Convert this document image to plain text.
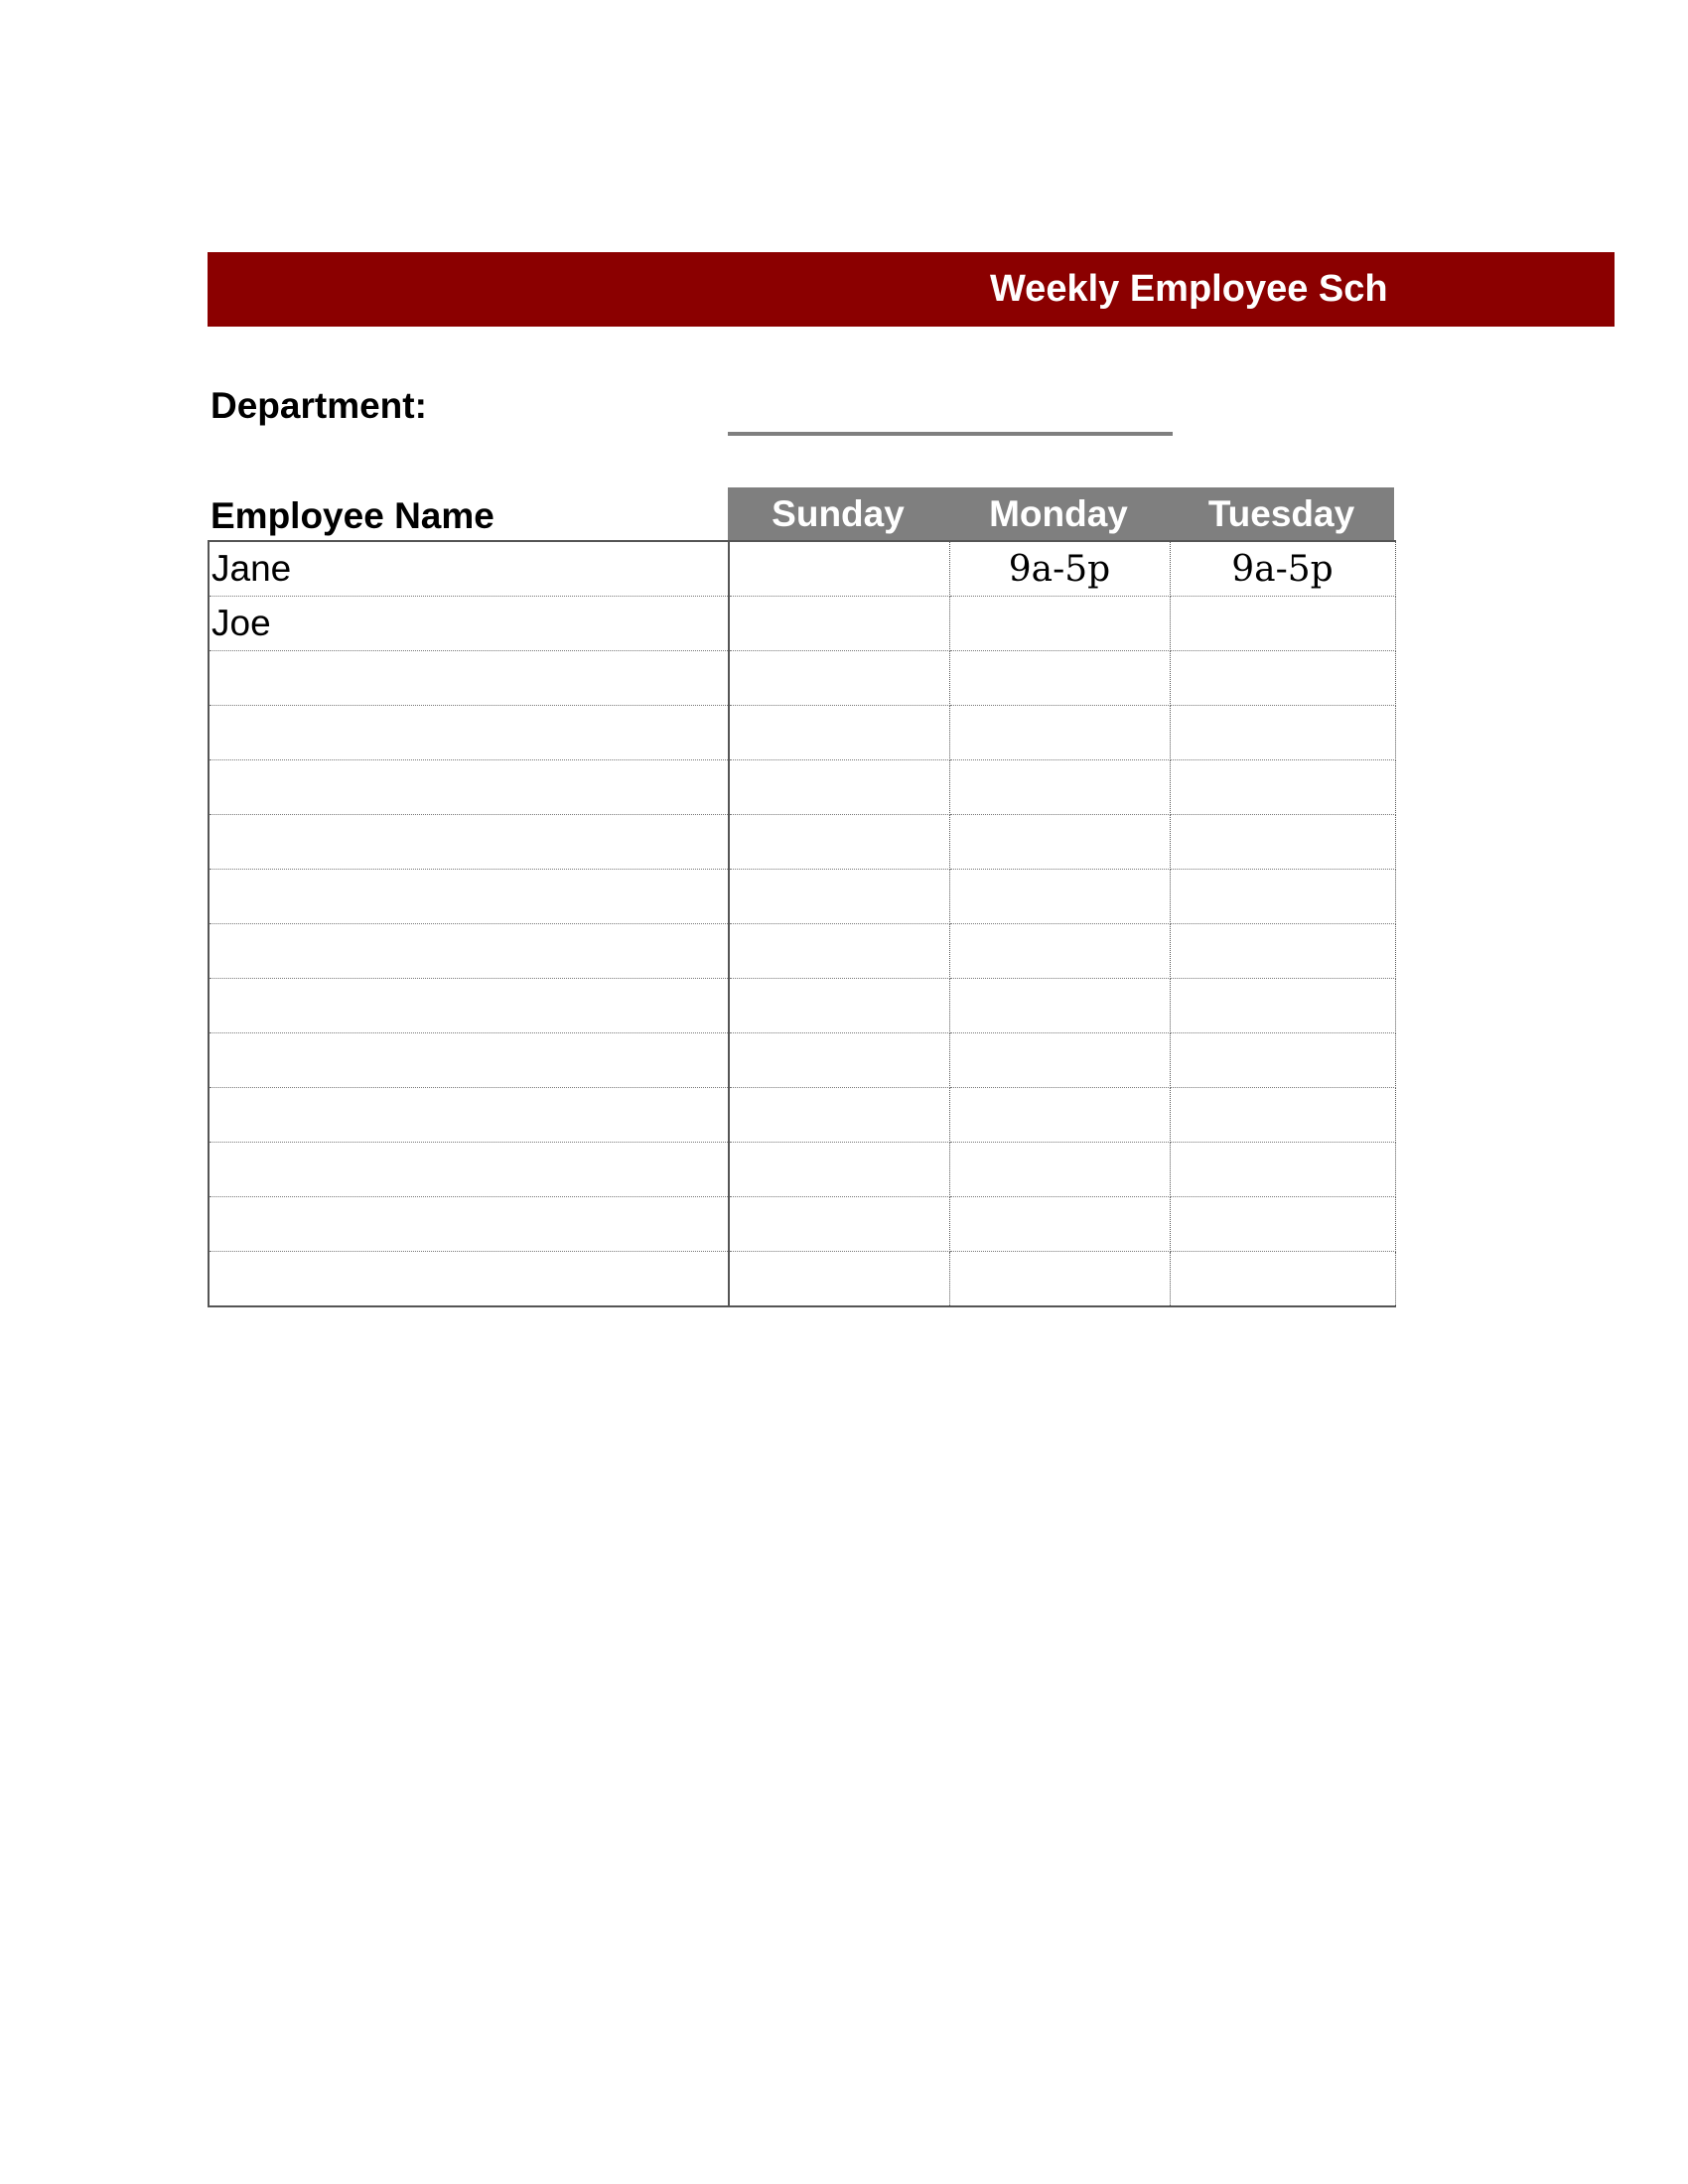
Weekly Employee Sch
Department:
Employee Name	Sunday	Monday	Tuesday
Jane		9a-5p	9a-5p
Joe			
